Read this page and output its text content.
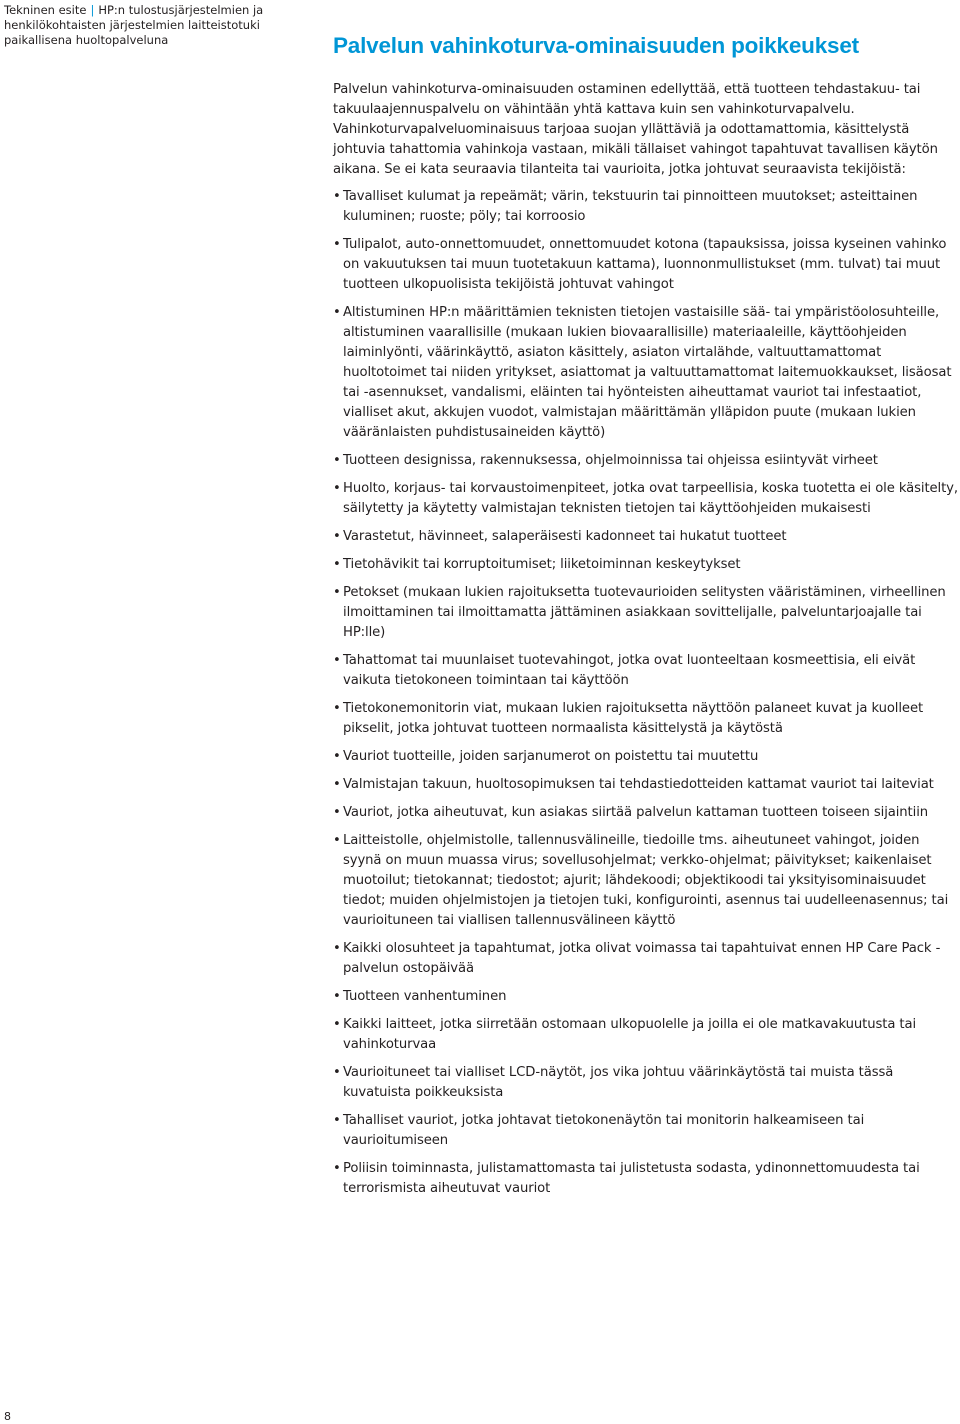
Tekninen esite | HP:n tulostusjärjestelmien ja henkilökohtaisten järjestelmien laitteistotuki paikallisena huoltopalveluna	Palvelun vahinkoturva-ominaisuuden poikkeukset

Palvelun vahinkoturva-ominaisuuden ostaminen edellyttää, että tuotteen tehdastakuu- tai takuulaajennuspalvelu on vähintään yhtä kattava kuin sen vahinkoturvapalvelu. Vahinkoturvapalveluominaisuus tarjoaa suojan yllättäviä ja odottamattomia, käsittelystä johtuvia tahattomia vahinkoja vastaan, mikäli tällaiset vahingot tapahtuvat tavallisen käytön aikana. Se ei kata seuraavia tilanteita tai vaurioita, jotka johtuvat seuraavista tekijöistä:

• Tavalliset kulumat ja repeämät; värin, tekstuurin tai pinnoitteen muutokset; asteittainen kuluminen; ruoste; pöly; tai korroosio
• Tulipalot, auto-onnettomuudet, onnettomuudet kotona (tapauksissa, joissa kyseinen vahinko on vakuutuksen tai muun tuotetakuun kattama), luonnonmullistukset (mm. tulvat) tai muut tuotteen ulkopuolisista tekijöistä johtuvat vahingot
• Altistuminen HP:n määrittämien teknisten tietojen vastaisille sää- tai ympäristöolosuhteille, altistuminen vaarallisille (mukaan lukien biovaarallisille) materiaaleille, käyttöohjeiden laiminlyönti, väärinkäyttö, asiaton käsittely, asiaton virtalähde, valtuuttamattomat huoltotoimet tai niiden yritykset, asiattomat ja valtuuttamattomat laitemuokkaukset, lisäosat tai -asennukset, vandalismi, eläinten tai hyönteisten aiheuttamat vauriot tai infestaatiot, vialliset akut, akkujen vuodot, valmistajan määrittämän ylläpidon puute (mukaan lukien vääränlaisten puhdistusaineiden käyttö)
• Tuotteen designissa, rakennuksessa, ohjelmoinnissa tai ohjeissa esiintyvät virheet
• Huolto, korjaus- tai korvaustoimenpiteet, jotka ovat tarpeellisia, koska tuotetta ei ole käsitelty, säilytetty ja käytetty valmistajan teknisten tietojen tai käyttöohjeiden mukaisesti
• Varastetut, hävinneet, salaperäisesti kadonneet tai hukatut tuotteet
• Tietohävikit tai korruptoitumiset; liiketoiminnan keskeytykset
• Petokset (mukaan lukien rajoituksetta tuotevaurioiden selitysten vääristäminen, virheellinen ilmoittaminen tai ilmoittamatta jättäminen asiakkaan sovittelijalle, palveluntarjoajalle tai HP:lle)
• Tahattomat tai muunlaiset tuotevahingot, jotka ovat luonteeltaan kosmeettisia, eli eivät vaikuta tietokoneen toimintaan tai käyttöön
• Tietokonemonitorin viat, mukaan lukien rajoituksetta näyttöön palaneet kuvat ja kuolleet pikselit, jotka johtuvat tuotteen normaalista käsittelystä ja käytöstä
• Vauriot tuotteille, joiden sarjanumerot on poistettu tai muutettu
• Valmistajan takuun, huoltosopimuksen tai tehdastiedotteiden kattamat vauriot tai laiteviat
• Vauriot, jotka aiheutuvat, kun asiakas siirtää palvelun kattaman tuotteen toiseen sijaintiin
• Laitteistolle, ohjelmistolle, tallennusvälineille, tiedoille tms. aiheutuneet vahingot, joiden syynä on muun muassa virus; sovellusohjelmat; verkko-ohjelmat; päivitykset; kaikenlaiset muotoilut; tietokannat; tiedostot; ajurit; lähdekoodi; objektikoodi tai yksityisominaisuudet tiedot; muiden ohjelmistojen ja tietojen tuki, konfigurointi, asennus tai uudelleenasennus; tai vaurioituneen tai viallisen tallennusvälineen käyttö
• Kaikki olosuhteet ja tapahtumat, jotka olivat voimassa tai tapahtuivat ennen HP Care Pack -palvelun ostopäivää
• Tuotteen vanhentuminen
• Kaikki laitteet, jotka siirretään ostomaan ulkopuolelle ja joilla ei ole matkavakuutusta tai vahinkoturvaa
• Vaurioituneet tai vialliset LCD-näytöt, jos vika johtuu väärinkäytöstä tai muista tässä kuvatuista poikkeuksista
• Tahalliset vauriot, jotka johtavat tietokonenäytön tai monitorin halkeamiseen tai vaurioitumiseen
• Poliisin toiminnasta, julistamattomasta tai julistetusta sodasta, ydinonnettomuudesta tai terrorismista aiheutuvat vauriot
8
